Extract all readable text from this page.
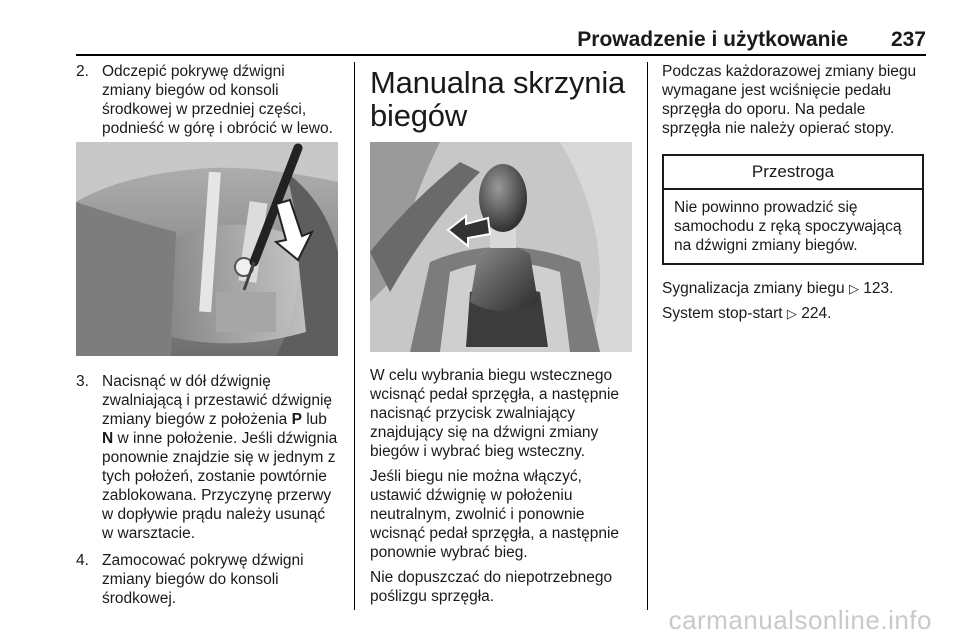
Prowadzenie i użytkowanie 237
2. Odczepić pokrywę dźwigni zmiany biegów od konsoli środkowej w przedniej części, podnieść w górę i obrócić w lewo.
3. Nacisnąć w dół dźwignię zwalniającą i przestawić dźwignię zmiany biegów z położenia P lub N w inne położenie. Jeśli dźwignia ponownie znajdzie się w jednym z tych położeń, zostanie powtórnie zablokowana. Przyczynę przerwy w dopływie prądu należy usunąć w warsztacie.
4. Zamocować pokrywę dźwigni zmiany biegów do konsoli środkowej.
Manualna skrzynia biegów

W celu wybrania biegu wstecznego wcisnąć pedał sprzęgła, a następnie nacisnąć przycisk zwalniający znajdujący się na dźwigni zmiany biegów i wybrać bieg wsteczny.

Jeśli biegu nie można włączyć, ustawić dźwignię w położeniu neutralnym, zwolnić i ponownie wcisnąć pedał sprzęgła, a następnie ponownie wybrać bieg.

Nie dopuszczać do niepotrzebnego poślizgu sprzęgła.

Podczas każdorazowej zmiany biegu wymagane jest wciśnięcie pedału sprzęgła do oporu. Na pedale sprzęgła nie należy opierać stopy.

Przestroga
Nie powinno prowadzić się samochodu z ręką spoczywającą na dźwigni zmiany biegów.

Sygnalizacja zmiany biegu ▷ 123.

System stop-start ▷ 224.

carmanualsonline.info
